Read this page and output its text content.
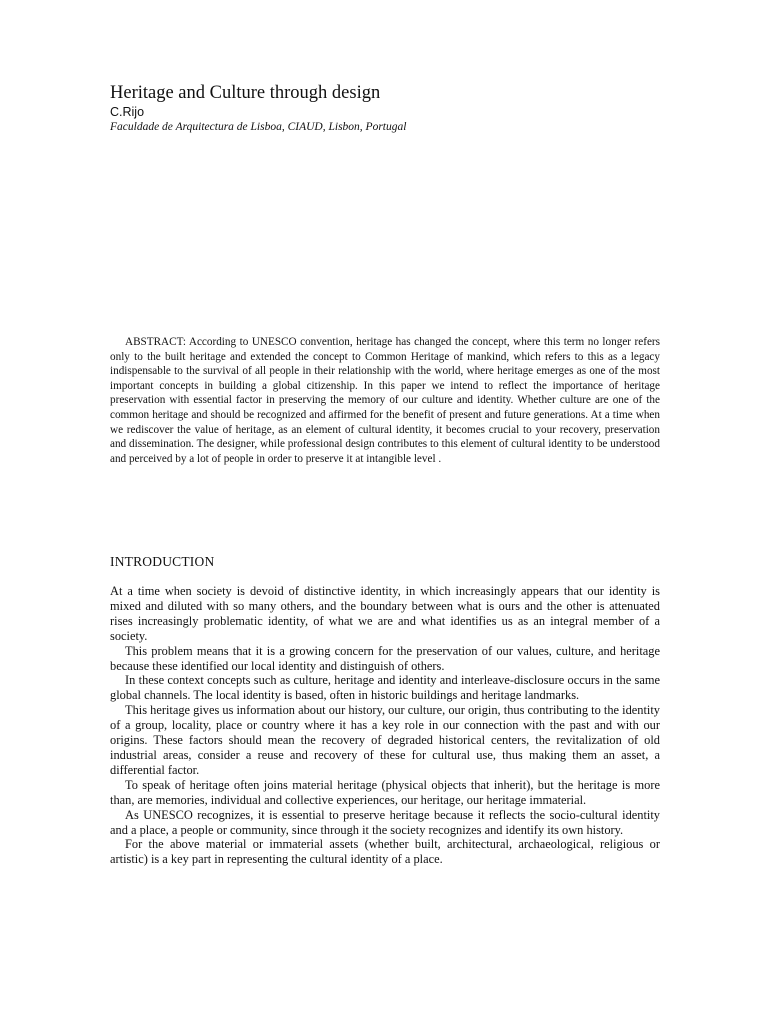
Heritage and Culture through design
C.Rijo
Faculdade de Arquitectura de Lisboa, CIAUD, Lisbon, Portugal

ABSTRACT: According to UNESCO convention, heritage has changed the concept, where this term no longer refers only to the built heritage and extended the concept to Common Heritage of mankind, which refers to this as a legacy indispensable to the survival of all people in their relationship with the world, where heritage emerges as one of the most important concepts in building a global citizenship. In this paper we intend to reflect the importance of heritage preservation with essential factor in preserving the memory of our culture and identity. Whether culture are one of the common heritage and should be recognized and affirmed for the benefit of present and future generations. At a time when we rediscover the value of heritage, as an element of cultural identity, it becomes crucial to your recovery, preservation and dissemination. The designer, while professional design contributes to this element of cultural identity to be understood and perceived by a lot of people in order to preserve it at intangible level .

INTRODUCTION

At a time when society is devoid of distinctive identity, in which increasingly appears that our identity is mixed and diluted with so many others, and the boundary between what is ours and the other is attenuated rises increasingly problematic identity, of what we are and what identifies us as an integral member of a society.

This problem means that it is a growing concern for the preservation of our values, culture, and heritage because these identified our local identity and distinguish of others.

In these context concepts such as culture, heritage and identity and interleave-disclosure occurs in the same global channels. The local identity is based, often in historic buildings and heritage landmarks.

This heritage gives us information about our history, our culture, our origin, thus contributing to the identity of a group, locality, place or country where it has a key role in our connection with the past and with our origins. These factors should mean the recovery of degraded historical centers, the revitalization of old industrial areas, consider a reuse and recovery of these for cultural use, thus making them an asset, a differential factor.

To speak of heritage often joins material heritage (physical objects that inherit), but the heritage is more than, are memories, individual and collective experiences, our heritage, our heritage immaterial.

As UNESCO recognizes, it is essential to preserve heritage because it reflects the socio-cultural identity and a place, a people or community, since through it the society recognizes and identify its own history.

For the above material or immaterial assets (whether built, architectural, archaeological, religious or artistic) is a key part in representing the cultural identity of a place.
